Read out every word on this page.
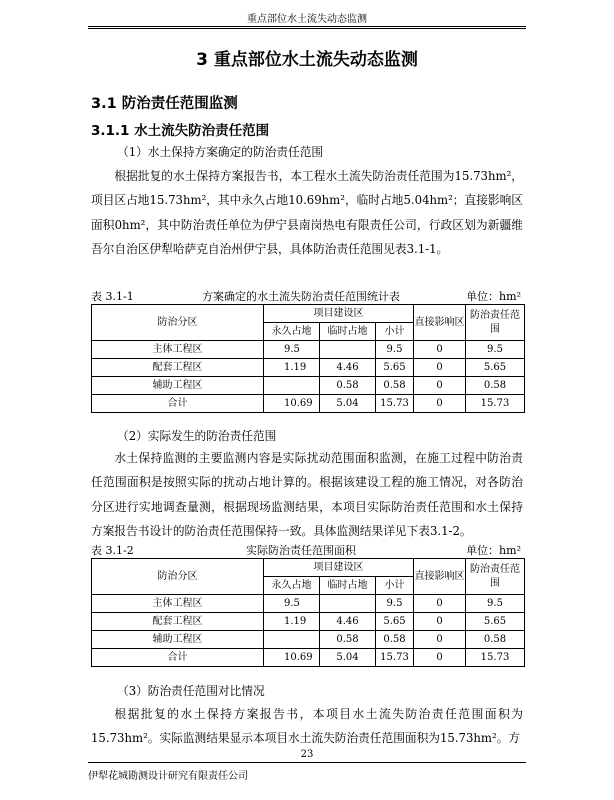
重点部位水土流失动态监测
3 重点部位水土流失动态监测
3.1 防治责任范围监测
3.1.1 水土流失防治责任范围
（1）水土保持方案确定的防治责任范围

根据批复的水土保持方案报告书，本工程水土流失防治责任范围为15.73hm²，项目区占地15.73hm²，其中永久占地10.69hm²，临时占地5.04hm²；直接影响区面积0hm²，其中防治责任单位为伊宁县南岗热电有限责任公司，行政区划为新疆维吾尔自治区伊犁哈萨克自治州伊宁县，具体防治责任范围见表3.1-1。

表 3.1-1	方案确定的水土流失防治责任范围统计表	单位：hm²
防治分区	项目建设区			直接影响区	防治责任范围
	永久占地	临时占地	小计		
主体工程区	9.5		9.5	0	9.5
配套工程区	1.19	4.46	5.65	0	5.65
辅助工程区		0.58	0.58	0	0.58
合计	10.69	5.04	15.73	0	15.73
（2）实际发生的防治责任范围

水土保持监测的主要监测内容是实际扰动范围面积监测，在施工过程中防治责任范围面积是按照实际的扰动占地计算的。根据该建设工程的施工情况，对各防治分区进行实地调查量测，根据现场监测结果，本项目实际防治责任范围和水土保持方案报告书设计的防治责任范围保持一致。具体监测结果详见下表3.1-2。

表 3.1-2	实际防治责任范围面积	单位：hm²
防治分区	项目建设区			直接影响区	防治责任范围
	永久占地	临时占地	小计		
主体工程区	9.5		9.5	0	9.5
配套工程区	1.19	4.46	5.65	0	5.65
辅助工程区		0.58	0.58	0	0.58
合计	10.69	5.04	15.73	0	15.73
（3）防治责任范围对比情况

根据批复的水土保持方案报告书，本项目水土流失防治责任范围面积为15.73hm²。实际监测结果显示本项目水土流失防治责任范围面积为15.73hm²。方

23
伊犁花城勘测设计研究有限责任公司
